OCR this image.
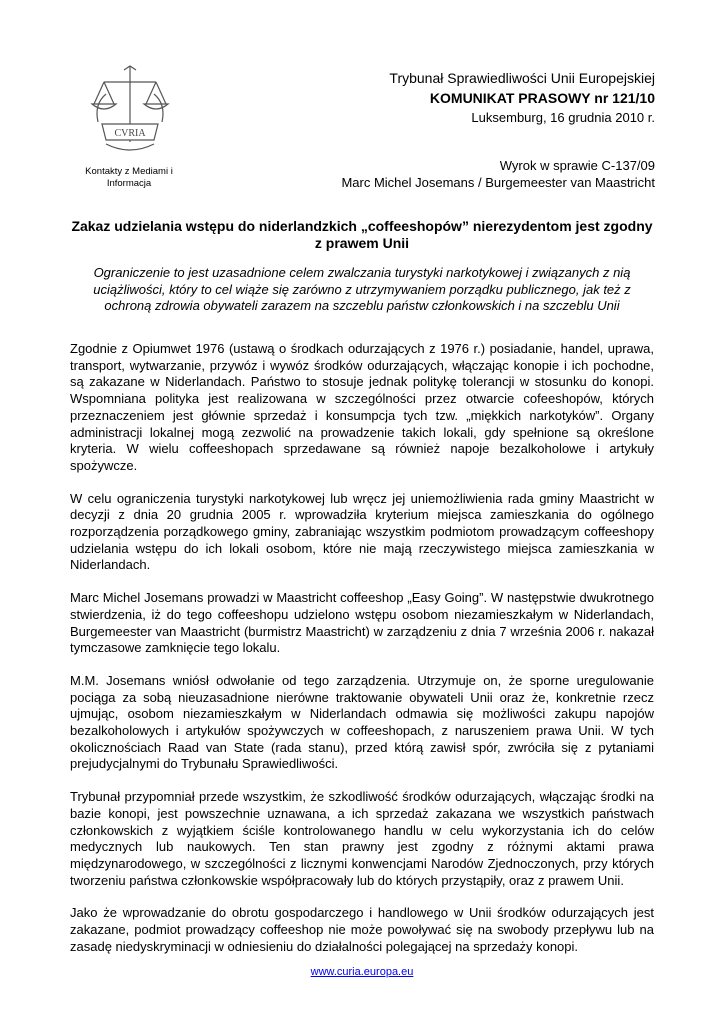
CVRIA
Kontakty z Mediami i Informacja

Trybunał Sprawiedliwości Unii Europejskiej

KOMUNIKAT PRASOWY nr 121/10

Luksemburg, 16 grudnia 2010 r.

Wyrok w sprawie C-137/09

Marc Michel Josemans / Burgemeester van Maastricht

Zakaz udzielania wstępu do niderlandzkich „coffeeshopów” nierezydentom jest zgodny z prawem Unii

Ograniczenie to jest uzasadnione celem zwalczania turystyki narkotykowej i związanych z nią uciążliwości, który to cel wiąże się zarówno z utrzymywaniem porządku publicznego, jak też z ochroną zdrowia obywateli zarazem na szczeblu państw członkowskich i na szczeblu Unii

Zgodnie z Opiumwet 1976 (ustawą o środkach odurzających z 1976 r.) posiadanie, handel, uprawa, transport, wytwarzanie, przywóz i wywóz środków odurzających, włączając konopie i ich pochodne, są zakazane w Niderlandach. Państwo to stosuje jednak politykę tolerancji w stosunku do konopi. Wspomniana polityka jest realizowana w szczególności przez otwarcie cofeeshopów, których przeznaczeniem jest głównie sprzedaż i konsumpcja tych tzw. „miękkich narkotyków”. Organy administracji lokalnej mogą zezwolić na prowadzenie takich lokali, gdy spełnione są określone kryteria. W wielu coffeeshopach sprzedawane są również napoje bezalkoholowe i artykuły spożywcze.

W celu ograniczenia turystyki narkotykowej lub wręcz jej uniemożliwienia rada gminy Maastricht w decyzji z dnia 20 grudnia 2005 r. wprowadziła kryterium miejsca zamieszkania do ogólnego rozporządzenia porządkowego gminy, zabraniając wszystkim podmiotom prowadzącym coffeeshopy udzielania wstępu do ich lokali osobom, które nie mają rzeczywistego miejsca zamieszkania w Niderlandach.

Marc Michel Josemans prowadzi w Maastricht coffeeshop „Easy Going”. W następstwie dwukrotnego stwierdzenia, iż do tego coffeeshopu udzielono wstępu osobom niezamieszkałym w Niderlandach, Burgemeester van Maastricht (burmistrz Maastricht) w zarządzeniu z dnia 7 września 2006 r. nakazał tymczasowe zamknięcie tego lokalu.

M.M. Josemans wniósł odwołanie od tego zarządzenia. Utrzymuje on, że sporne uregulowanie pociąga za sobą nieuzasadnione nierówne traktowanie obywateli Unii oraz że, konkretnie rzecz ujmując, osobom niezamieszkałym w Niderlandach odmawia się możliwości zakupu napojów bezalkoholowych i artykułów spożywczych w coffeeshopach, z naruszeniem prawa Unii. W tych okolicznościach Raad van State (rada stanu), przed którą zawisł spór, zwróciła się z pytaniami prejudycjalnymi do Trybunału Sprawiedliwości.

Trybunał przypomniał przede wszystkim, że szkodliwość środków odurzających, włączając środki na bazie konopi, jest powszechnie uznawana, a ich sprzedaż zakazana we wszystkich państwach członkowskich z wyjątkiem ściśle kontrolowanego handlu w celu wykorzystania ich do celów medycznych lub naukowych. Ten stan prawny jest zgodny z różnymi aktami prawa międzynarodowego, w szczególności z licznymi konwencjami Narodów Zjednoczonych, przy których tworzeniu państwa członkowskie współpracowały lub do których przystąpiły, oraz z prawem Unii.

Jako że wprowadzanie do obrotu gospodarczego i handlowego w Unii środków odurzających jest zakazane, podmiot prowadzący coffeeshop nie może powoływać się na swobody przepływu lub na zasadę niedyskryminacji w odniesieniu do działalności polegającej na sprzedaży konopi.

www.curia.europa.eu
